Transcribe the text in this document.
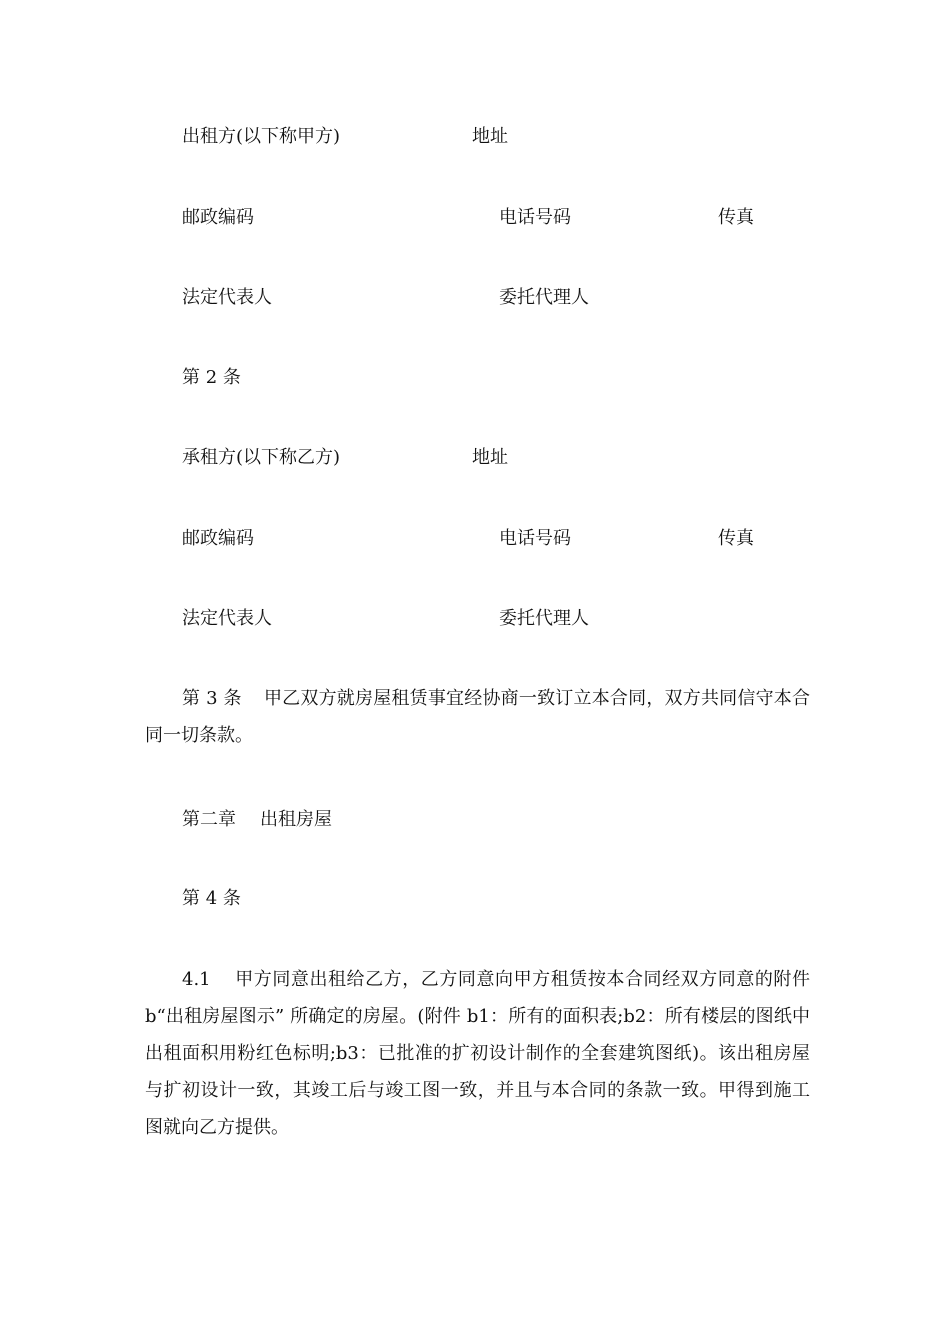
出租方(以下称甲方)	地址
邮政编码	电话号码	传真
法定代表人	委托代理人
第 2 条
承租方(以下称乙方)	地址
邮政编码	电话号码	传真
法定代表人	委托代理人
第 3 条 甲乙双方就房屋租赁事宜经协商一致订立本合同，双方共同信守本合同一切条款。
第二章 出租房屋
第 4 条
4.1 甲方同意出租给乙方，乙方同意向甲方租赁按本合同经双方同意的附件 b“出租房屋图示” 所确定的房屋。(附件 b1：所有的面积表;b2：所有楼层的图纸中出租面积用粉红色标明;b3：已批准的扩初设计制作的全套建筑图纸)。该出租房屋与扩初设计一致，其竣工后与竣工图一致，并且与本合同的条款一致。甲得到施工图就向乙方提供。
